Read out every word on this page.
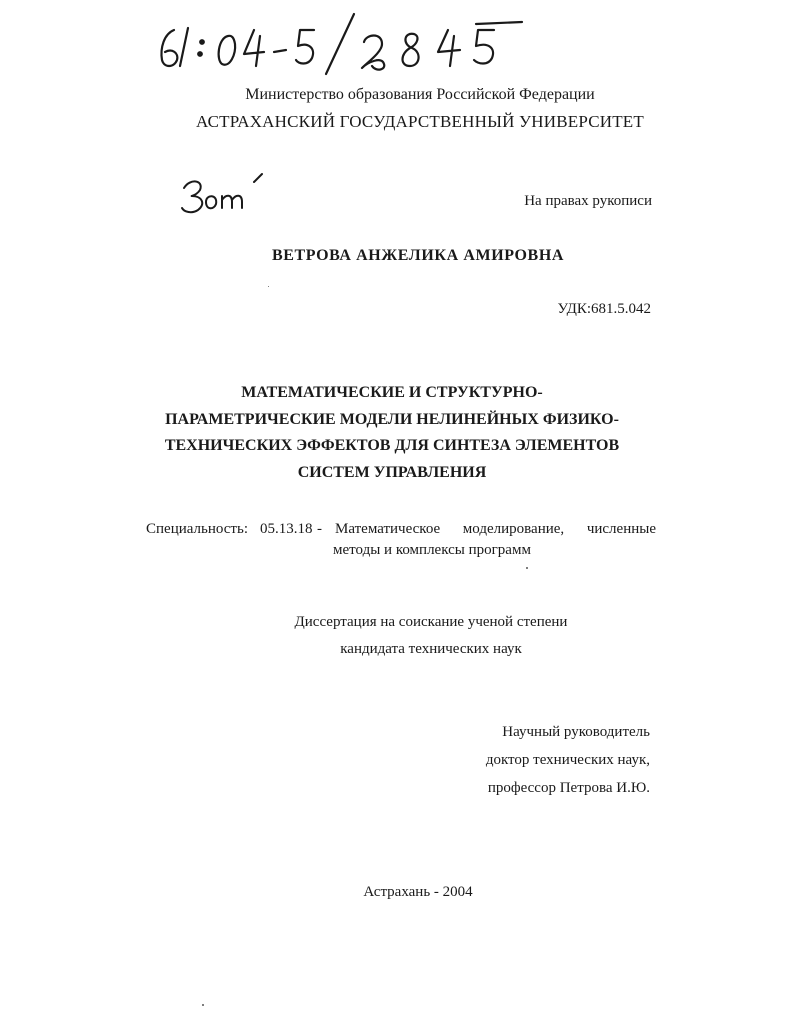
Министерство образования Российской Федерации
АСТРАХАНСКИЙ ГОСУДАРСТВЕННЫЙ УНИВЕРСИТЕТ
На правах рукописи
ВЕТРОВА АНЖЕЛИКА АМИРОВНА
УДК:681.5.042
МАТЕМАТИЧЕСКИЕ И СТРУКТУРНО-
ПАРАМЕТРИЧЕСКИЕ МОДЕЛИ НЕЛИНЕЙНЫХ ФИЗИКО-
ТЕХНИЧЕСКИХ ЭФФЕКТОВ ДЛЯ СИНТЕЗА ЭЛЕМЕНТОВ
СИСТЕМ УПРАВЛЕНИЯ
Специальность: 05.13.18 - Математическое моделирование, численные
методы и комплексы программ
Диссертация на соискание ученой степени
кандидата технических наук
Научный руководитель
доктор технических наук,
профессор Петрова И.Ю.
Астрахань - 2004
